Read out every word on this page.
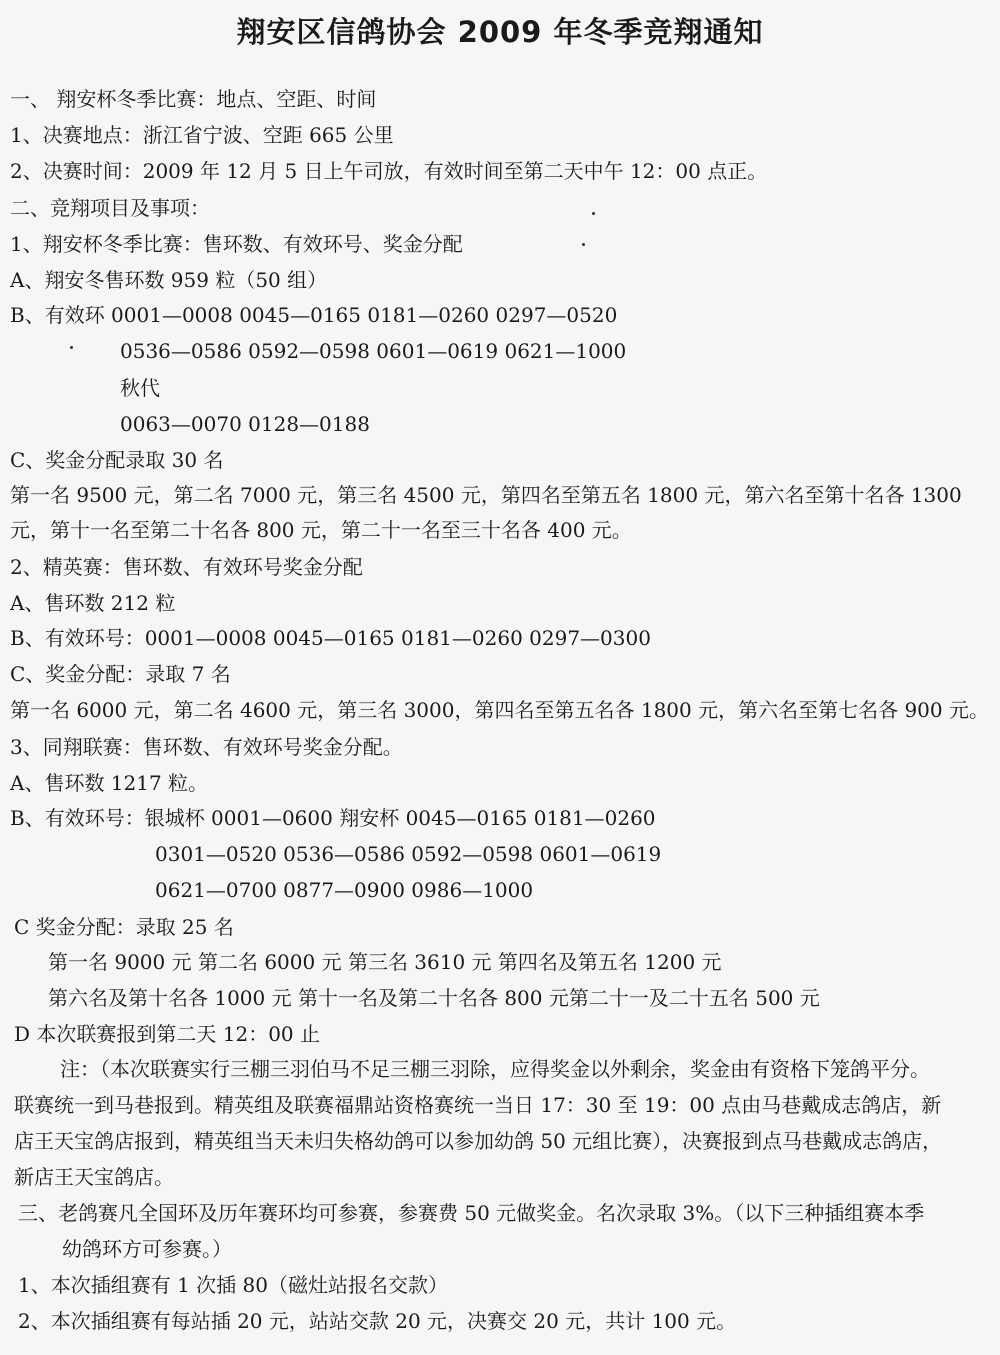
翔安区信鸽协会 2009 年冬季竞翔通知
一、 翔安杯冬季比赛：地点、空距、时间
1、决赛地点：浙江省宁波、空距 665 公里
2、决赛时间：2009 年 12 月 5 日上午司放，有效时间至第二天中午 12：00 点正。
二、竞翔项目及事项：
1、翔安杯冬季比赛：售环数、有效环号、奖金分配
A、翔安冬售环数 959 粒（50 组）
B、有效环 0001—0008 0045—0165 0181—0260 0297—0520
0536—0586 0592—0598 0601—0619 0621—1000
秋代
0063—0070 0128—0188
C、奖金分配录取 30 名
第一名 9500 元，第二名 7000 元，第三名 4500 元，第四名至第五名 1800 元，第六名至第十名各 1300
元，第十一名至第二十名各 800 元，第二十一名至三十名各 400 元。
2、精英赛：售环数、有效环号奖金分配
A、售环数 212 粒
B、有效环号：0001—0008 0045—0165 0181—0260 0297—0300
C、奖金分配：录取 7 名
第一名 6000 元，第二名 4600 元，第三名 3000，第四名至第五名各 1800 元，第六名至第七名各 900 元。
3、同翔联赛：售环数、有效环号奖金分配。
A、售环数 1217 粒。
B、有效环号：银城杯 0001—0600 翔安杯 0045—0165 0181—0260
0301—0520 0536—0586 0592—0598 0601—0619
0621—0700 0877—0900 0986—1000
C 奖金分配：录取 25 名
第一名 9000 元 第二名 6000 元 第三名 3610 元 第四名及第五名 1200 元
第六名及第十名各 1000 元 第十一名及第二十名各 800 元第二十一及二十五名 500 元
D 本次联赛报到第二天 12：00 止
注：（本次联赛实行三棚三羽伯马不足三棚三羽除，应得奖金以外剩余，奖金由有资格下笼鸽平分。
联赛统一到马巷报到。精英组及联赛福鼎站资格赛统一当日 17：30 至 19：00 点由马巷戴成志鸽店，新
店王天宝鸽店报到，精英组当天未归失格幼鸽可以参加幼鸽 50 元组比赛），决赛报到点马巷戴成志鸽店，
新店王天宝鸽店。
三、老鸽赛凡全国环及历年赛环均可参赛，参赛费 50 元做奖金。名次录取 3%。（以下三种插组赛本季
幼鸽环方可参赛。）
1、本次插组赛有 1 次插 80（磁灶站报名交款）
2、本次插组赛有每站插 20 元，站站交款 20 元，决赛交 20 元，共计 100 元。
